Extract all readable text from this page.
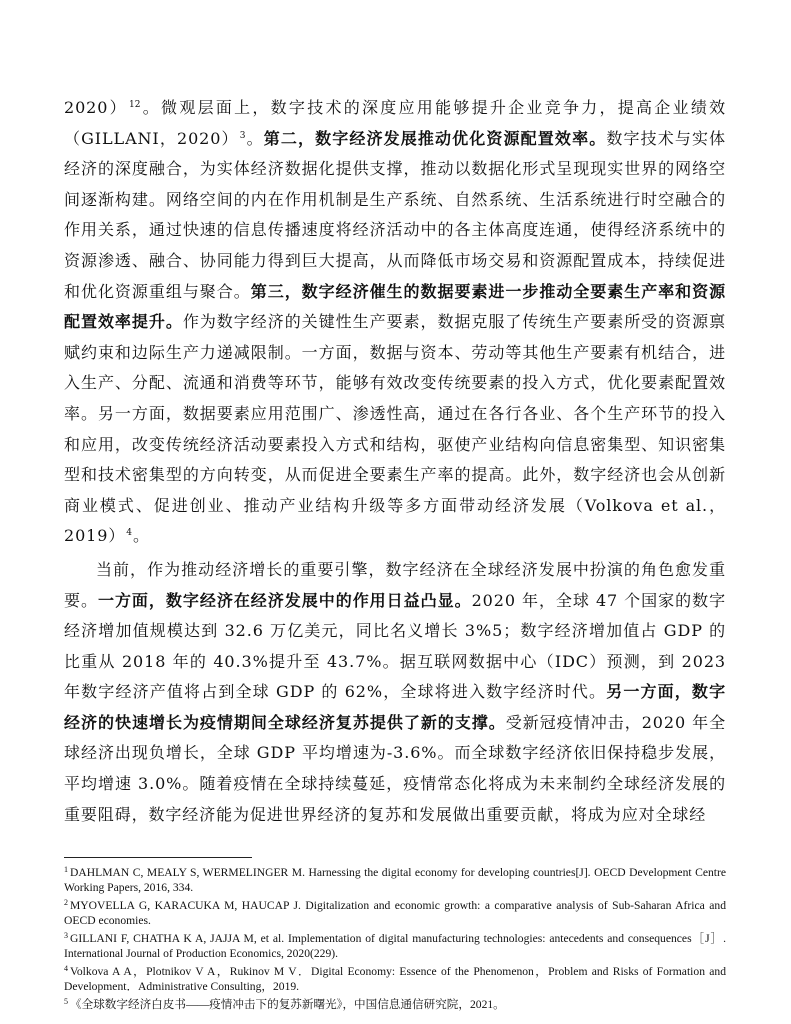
2020）$^{12}$。微观层面上，数字技术的深度应用能够提升企业竞争力，提高企业绩效（GILLANI，2020）$^3$。第二，数字经济发展推动优化资源配置效率。数字技术与实体经济的深度融合，为实体经济数据化提供支撑，推动以数据化形式呈现现实世界的网络空间逐渐构建。网络空间的内在作用机制是生产系统、自然系统、生活系统进行时空融合的作用关系，通过快速的信息传播速度将经济活动中的各主体高度连通，使得经济系统中的资源渗透、融合、协同能力得到巨大提高，从而降低市场交易和资源配置成本，持续促进和优化资源重组与聚合。第三，数字经济催生的数据要素进一步推动全要素生产率和资源配置效率提升。作为数字经济的关键性生产要素，数据克服了传统生产要素所受的资源禀赋约束和边际生产力递减限制。一方面，数据与资本、劳动等其他生产要素有机结合，进入生产、分配、流通和消费等环节，能够有效改变传统要素的投入方式，优化要素配置效率。另一方面，数据要素应用范围广、渗透性高，通过在各行各业、各个生产环节的投入和应用，改变传统经济活动要素投入方式和结构，驱使产业结构向信息密集型、知识密集型和技术密集型的方向转变，从而促进全要素生产率的提高。此外，数字经济也会从创新商业模式、促进创业、推动产业结构升级等多方面带动经济发展（Volkova et al.，2019）$^4$。

当前，作为推动经济增长的重要引擎，数字经济在全球经济发展中扮演的角色愈发重要。一方面，数字经济在经济发展中的作用日益凸显。2020 年，全球 47 个国家的数字经济增加值规模达到 32.6 万亿美元，同比名义增长 3%5；数字经济增加值占 GDP 的比重从 2018 年的 40.3%提升至 43.7%。据互联网数据中心（IDC）预测，到 2023 年数字经济产值将占到全球 GDP 的 62%，全球将进入数字经济时代。另一方面，数字经济的快速增长为疫情期间全球经济复苏提供了新的支撑。受新冠疫情冲击，2020 年全球经济出现负增长，全球 GDP 平均增速为-3.6%。而全球数字经济依旧保持稳步发展，平均增速 3.0%。随着疫情在全球持续蔓延，疫情常态化将成为未来制约全球经济发展的重要阻碍，数字经济能为促进世界经济的复苏和发展做出重要贡献，将成为应对全球经

$^1$ DAHLMAN C, MEALY S, WERMELINGER M. Harnessing the digital economy for developing countries[J]. OECD Development Centre Working Papers, 2016, 334.

$^2$ MYOVELLA G, KARACUKA M, HAUCAP J. Digitalization and economic growth: a comparative analysis of Sub-Saharan Africa and OECD economies.

$^3$ GILLANI F, CHATHA K A, JAJJA M, et al. Implementation of digital manufacturing technologies: antecedents and consequences［J］. International Journal of Production Economics, 2020(229).

$^4$ Volkova A A，Plotnikov V A，Rukinov M V．Digital Economy: Essence of the Phenomenon，Problem and Risks of Formation and Development．Administrative Consulting，2019.

$^5$ 《全球数字经济白皮书——疫情冲击下的复苏新曙光》，中国信息通信研究院，2021。
